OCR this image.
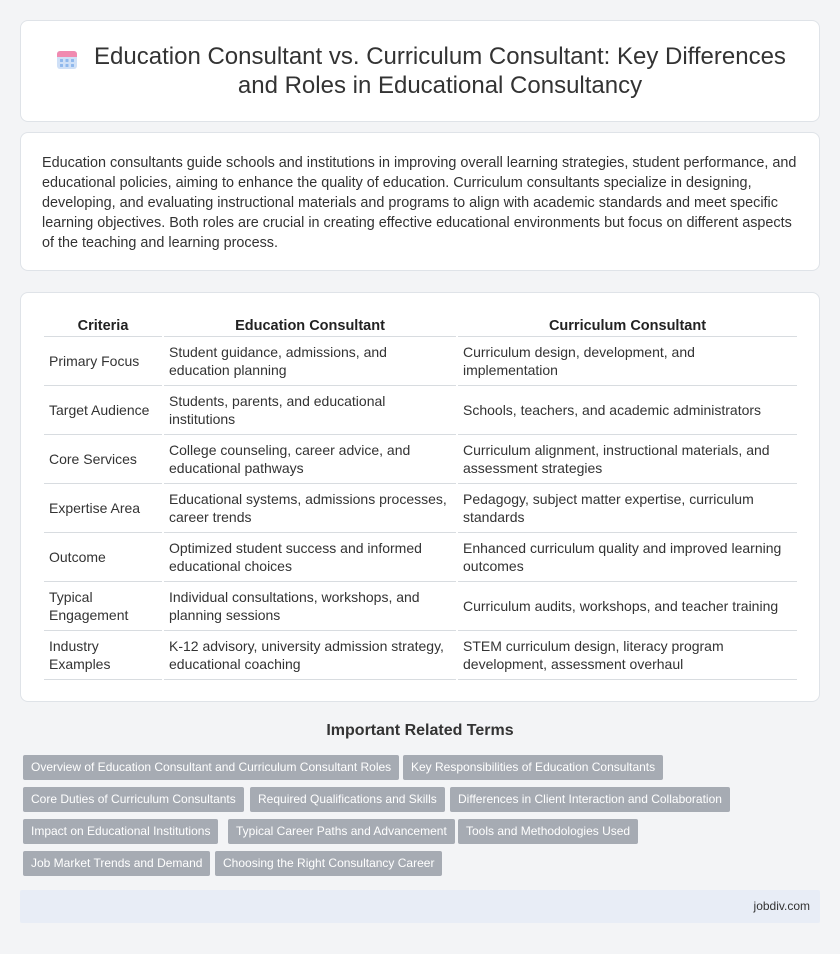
Education Consultant vs. Curriculum Consultant: Key Differences and Roles in Educational Consultancy

Education consultants guide schools and institutions in improving overall learning strategies, student performance, and educational policies, aiming to enhance the quality of education. Curriculum consultants specialize in designing, developing, and evaluating instructional materials and programs to align with academic standards and meet specific learning objectives. Both roles are crucial in creating effective educational environments but focus on different aspects of the teaching and learning process.

Criteria	Education Consultant	Curriculum Consultant
Primary Focus	Student guidance, admissions, and education planning	Curriculum design, development, and implementation
Target Audience	Students, parents, and educational institutions	Schools, teachers, and academic administrators
Core Services	College counseling, career advice, and educational pathways	Curriculum alignment, instructional materials, and assessment strategies
Expertise Area	Educational systems, admissions processes, career trends	Pedagogy, subject matter expertise, curriculum standards
Outcome	Optimized student success and informed educational choices	Enhanced curriculum quality and improved learning outcomes
Typical Engagement	Individual consultations, workshops, and planning sessions	Curriculum audits, workshops, and teacher training
Industry Examples	K-12 advisory, university admission strategy, educational coaching	STEM curriculum design, literacy program development, assessment overhaul
Important Related Terms
Overview of Education Consultant and Curriculum Consultant Roles	Key Responsibilities of Education Consultants
Core Duties of Curriculum Consultants	Required Qualifications and Skills	Differences in Client Interaction and Collaboration
Impact on Educational Institutions	Typical Career Paths and Advancement	Tools and Methodologies Used
Job Market Trends and Demand	Choosing the Right Consultancy Career
jobdiv.com
